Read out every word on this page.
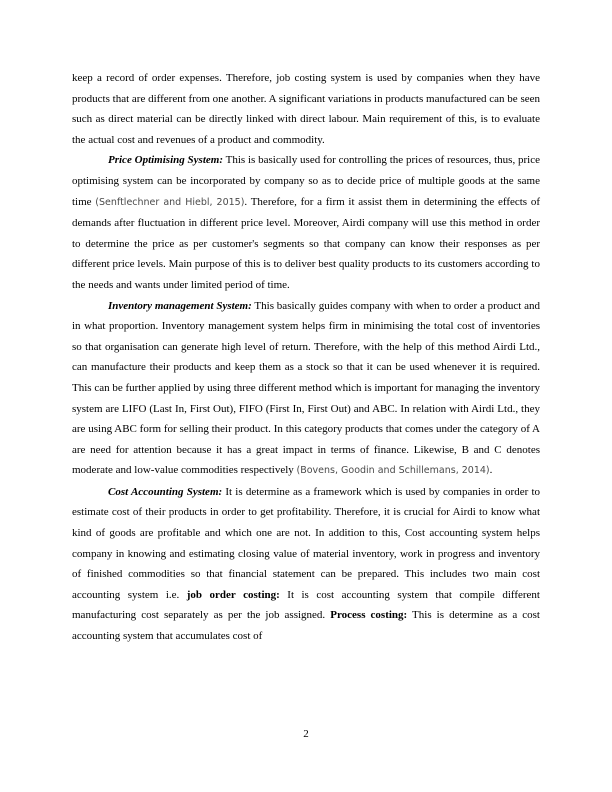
keep a record of order expenses. Therefore, job costing system is used by companies when they have products that are different from one another. A significant variations in products manufactured can be seen such as direct material can be directly linked with direct labour. Main requirement of this, is to evaluate the actual cost and revenues of a product and commodity.

Price Optimising System: This is basically used for controlling the prices of resources, thus, price optimising system can be incorporated by company so as to decide price of multiple goods at the same time (Senftlechner and Hiebl, 2015). Therefore, for a firm it assist them in determining the effects of demands after fluctuation in different price level. Moreover, Airdi company will use this method in order to determine the price as per customer's segments so that company can know their responses as per different price levels. Main purpose of this is to deliver best quality products to its customers according to the needs and wants under limited period of time.

Inventory management System: This basically guides company with when to order a product and in what proportion. Inventory management system helps firm in minimising the total cost of inventories so that organisation can generate high level of return. Therefore, with the help of this method Airdi Ltd., can manufacture their products and keep them as a stock so that it can be used whenever it is required. This can be further applied by using three different method which is important for managing the inventory system are LIFO (Last In, First Out), FIFO (First In, First Out) and ABC. In relation with Airdi Ltd., they are using ABC form for selling their product. In this category products that comes under the category of A are need for attention because it has a great impact in terms of finance. Likewise, B and C denotes moderate and low-value commodities respectively (Bovens, Goodin and Schillemans, 2014).

Cost Accounting System: It is determine as a framework which is used by companies in order to estimate cost of their products in order to get profitability. Therefore, it is crucial for Airdi to know what kind of goods are profitable and which one are not. In addition to this, Cost accounting system helps company in knowing and estimating closing value of material inventory, work in progress and inventory of finished commodities so that financial statement can be prepared. This includes two main cost accounting system i.e. job order costing: It is cost accounting system that compile different manufacturing cost separately as per the job assigned. Process costing: This is determine as a cost accounting system that accumulates cost of

2
